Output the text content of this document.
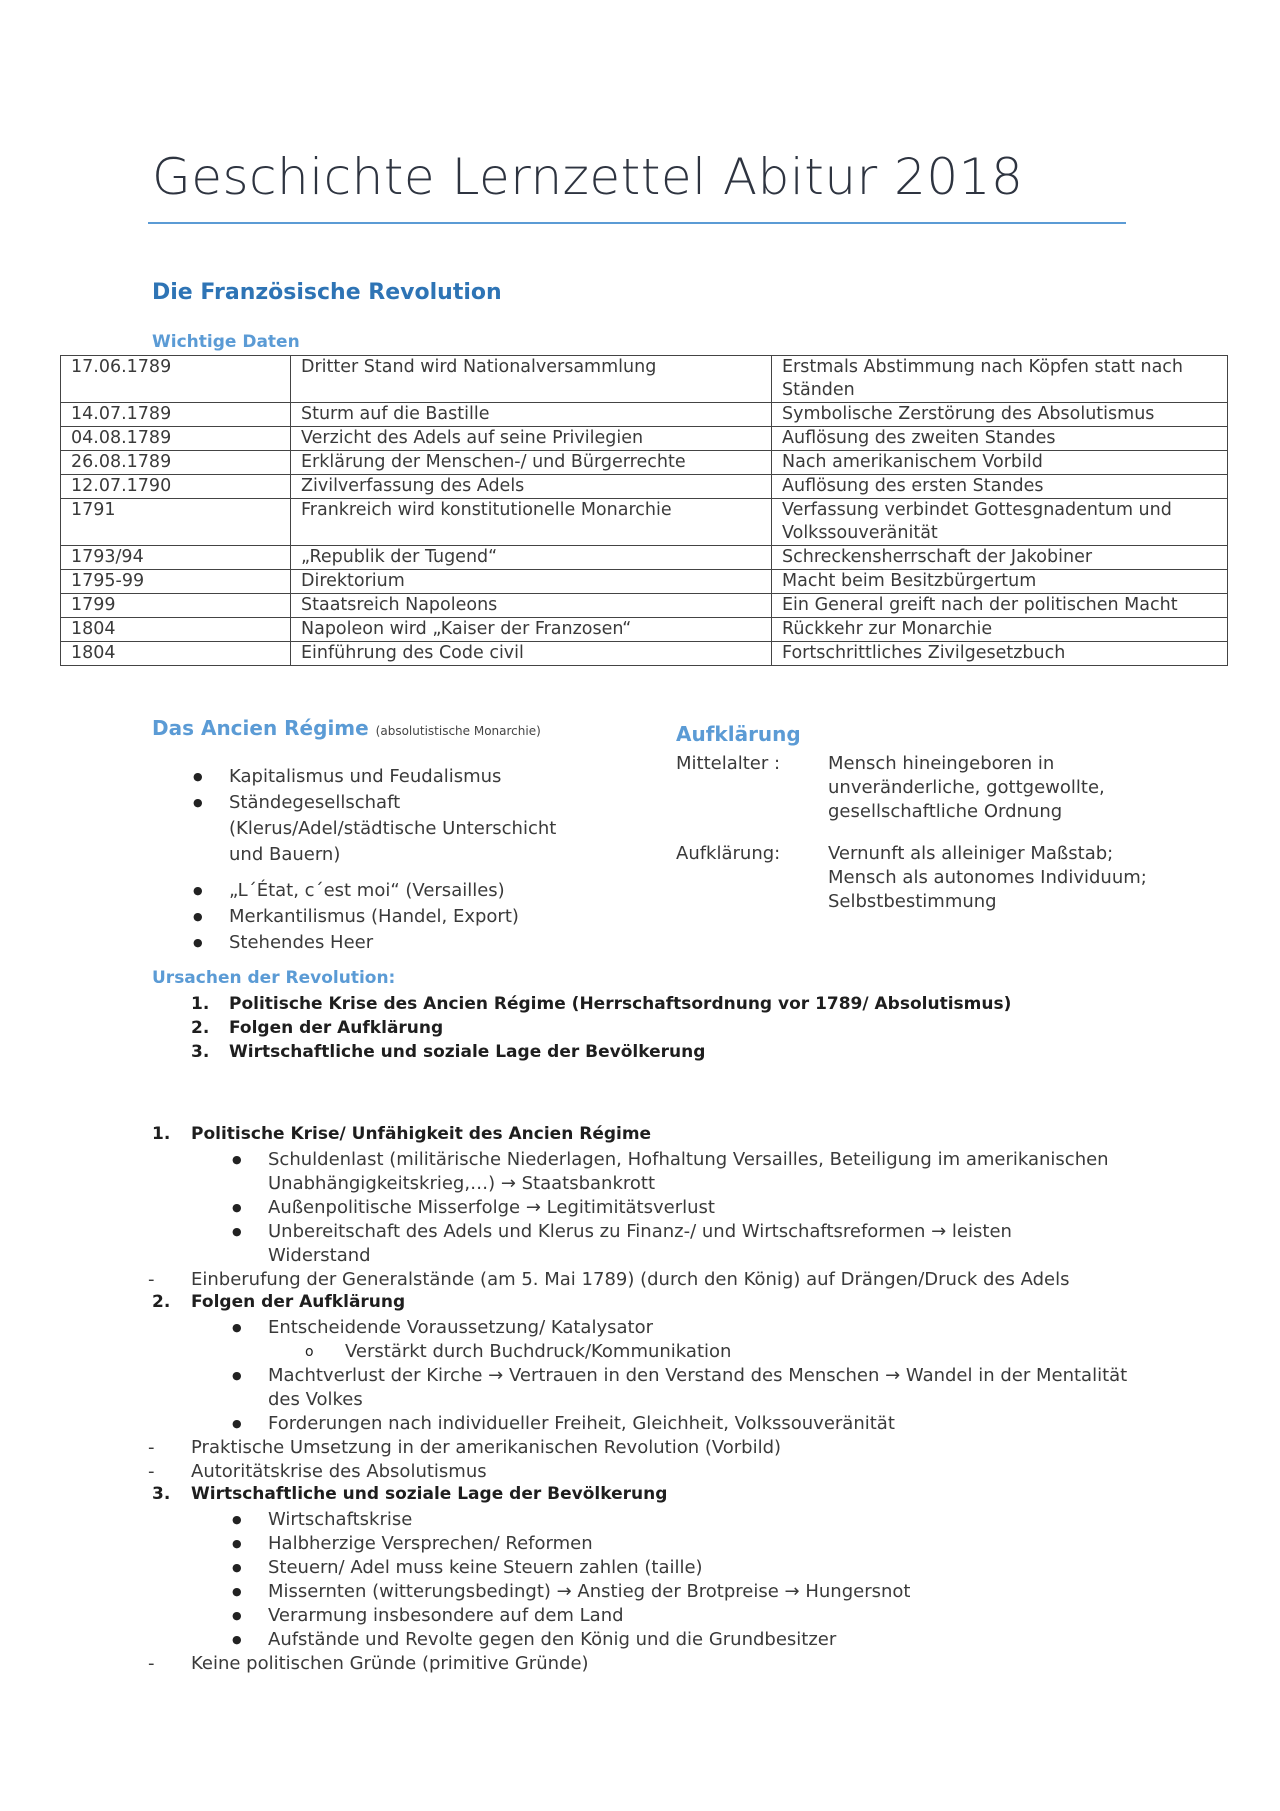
Geschichte Lernzettel Abitur 2018
Die Französische Revolution
Wichtige Daten
17.06.1789	Dritter Stand wird Nationalversammlung	Erstmals Abstimmung nach Köpfen statt nach Ständen
14.07.1789	Sturm auf die Bastille	Symbolische Zerstörung des Absolutismus
04.08.1789	Verzicht des Adels auf seine Privilegien	Auflösung des zweiten Standes
26.08.1789	Erklärung der Menschen-/ und Bürgerrechte	Nach amerikanischem Vorbild
12.07.1790	Zivilverfassung des Adels	Auflösung des ersten Standes
1791	Frankreich wird konstitutionelle Monarchie	Verfassung verbindet Gottesgnadentum und Volkssouveränität
1793/94	„Republik der Tugend“	Schreckensherrschaft der Jakobiner
1795-99	Direktorium	Macht beim Besitzbürgertum
1799	Staatsreich Napoleons	Ein General greift nach der politischen Macht
1804	Napoleon wird „Kaiser der Franzosen“	Rückkehr zur Monarchie
1804	Einführung des Code civil	Fortschrittliches Zivilgesetzbuch
Das Ancien Régime (absolutistische Monarchie)
● Kapitalismus und Feudalismus
● Ständegesellschaft (Klerus/Adel/städtische Unterschicht und Bauern)
● „L´État, c´est moi“ (Versailles)
● Merkantilismus (Handel, Export)
● Stehendes Heer
Aufklärung
Mittelalter :	Mensch hineingeboren in unveränderliche, gottgewollte, gesellschaftliche Ordnung
Aufklärung:	Vernunft als alleiniger Maßstab; Mensch als autonomes Individuum; Selbstbestimmung
Ursachen der Revolution:
1. Politische Krise des Ancien Régime (Herrschaftsordnung vor 1789/ Absolutismus)
2. Folgen der Aufklärung
3. Wirtschaftliche und soziale Lage der Bevölkerung
1. Politische Krise/ Unfähigkeit des Ancien Régime
● Schuldenlast (militärische Niederlagen, Hofhaltung Versailles, Beteiligung im amerikanischen Unabhängigkeitskrieg,…) → Staatsbankrott
● Außenpolitische Misserfolge → Legitimitätsverlust
● Unbereitschaft des Adels und Klerus zu Finanz-/ und Wirtschaftsreformen → leisten Widerstand
- Einberufung der Generalstände (am 5. Mai 1789) (durch den König) auf Drängen/Druck des Adels
2. Folgen der Aufklärung
● Entscheidende Voraussetzung/ Katalysator
o Verstärkt durch Buchdruck/Kommunikation
● Machtverlust der Kirche → Vertrauen in den Verstand des Menschen → Wandel in der Mentalität des Volkes
● Forderungen nach individueller Freiheit, Gleichheit, Volkssouveränität
- Praktische Umsetzung in der amerikanischen Revolution (Vorbild)
- Autoritätskrise des Absolutismus
3. Wirtschaftliche und soziale Lage der Bevölkerung
● Wirtschaftskrise
● Halbherzige Versprechen/ Reformen
● Steuern/ Adel muss keine Steuern zahlen (taille)
● Missernten (witterungsbedingt) → Anstieg der Brotpreise → Hungersnot
● Verarmung insbesondere auf dem Land
● Aufstände und Revolte gegen den König und die Grundbesitzer
- Keine politischen Gründe (primitive Gründe)
